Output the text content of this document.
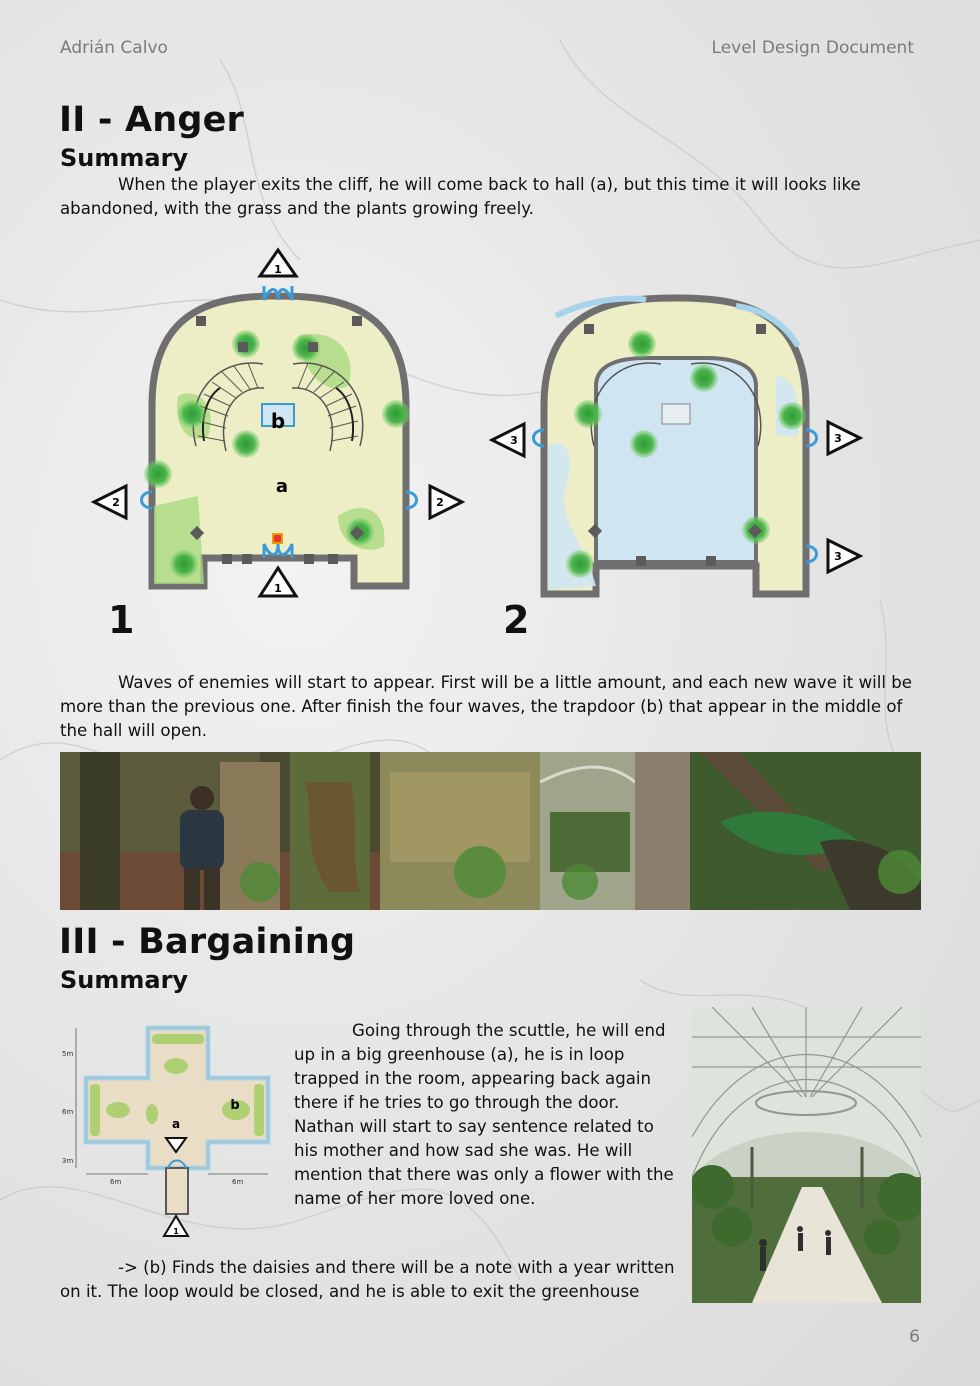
Adrián Calvo	Level Design Document
II - Anger
Summary

When the player exits the cliff, he will come back to hall (a), but this time it will looks like abandoned, with the grass and the plants growing freely.

b
a
1
1
2	2
1
3	3
3
2

Waves of enemies will start to appear. First will be a little amount, and each new wave it will be more than the previous one. After finish the four waves, the trapdoor (b) that appear in the middle of the hall will open.

III - Bargaining
Summary
a
b
1
5m
6m
3m
6m	6m
Going through the scuttle, he will end up in a big greenhouse (a), he is in loop trapped in the room, appearing back again there if he tries to go through the door.
Nathan will start to say sentence related to his mother and how sad she was. He will mention that there was only a flower with the name of her more loved one.

-> (b) Finds the daisies and there will be a note with a year written on it. The loop would be closed, and he is able to exit the greenhouse

6
